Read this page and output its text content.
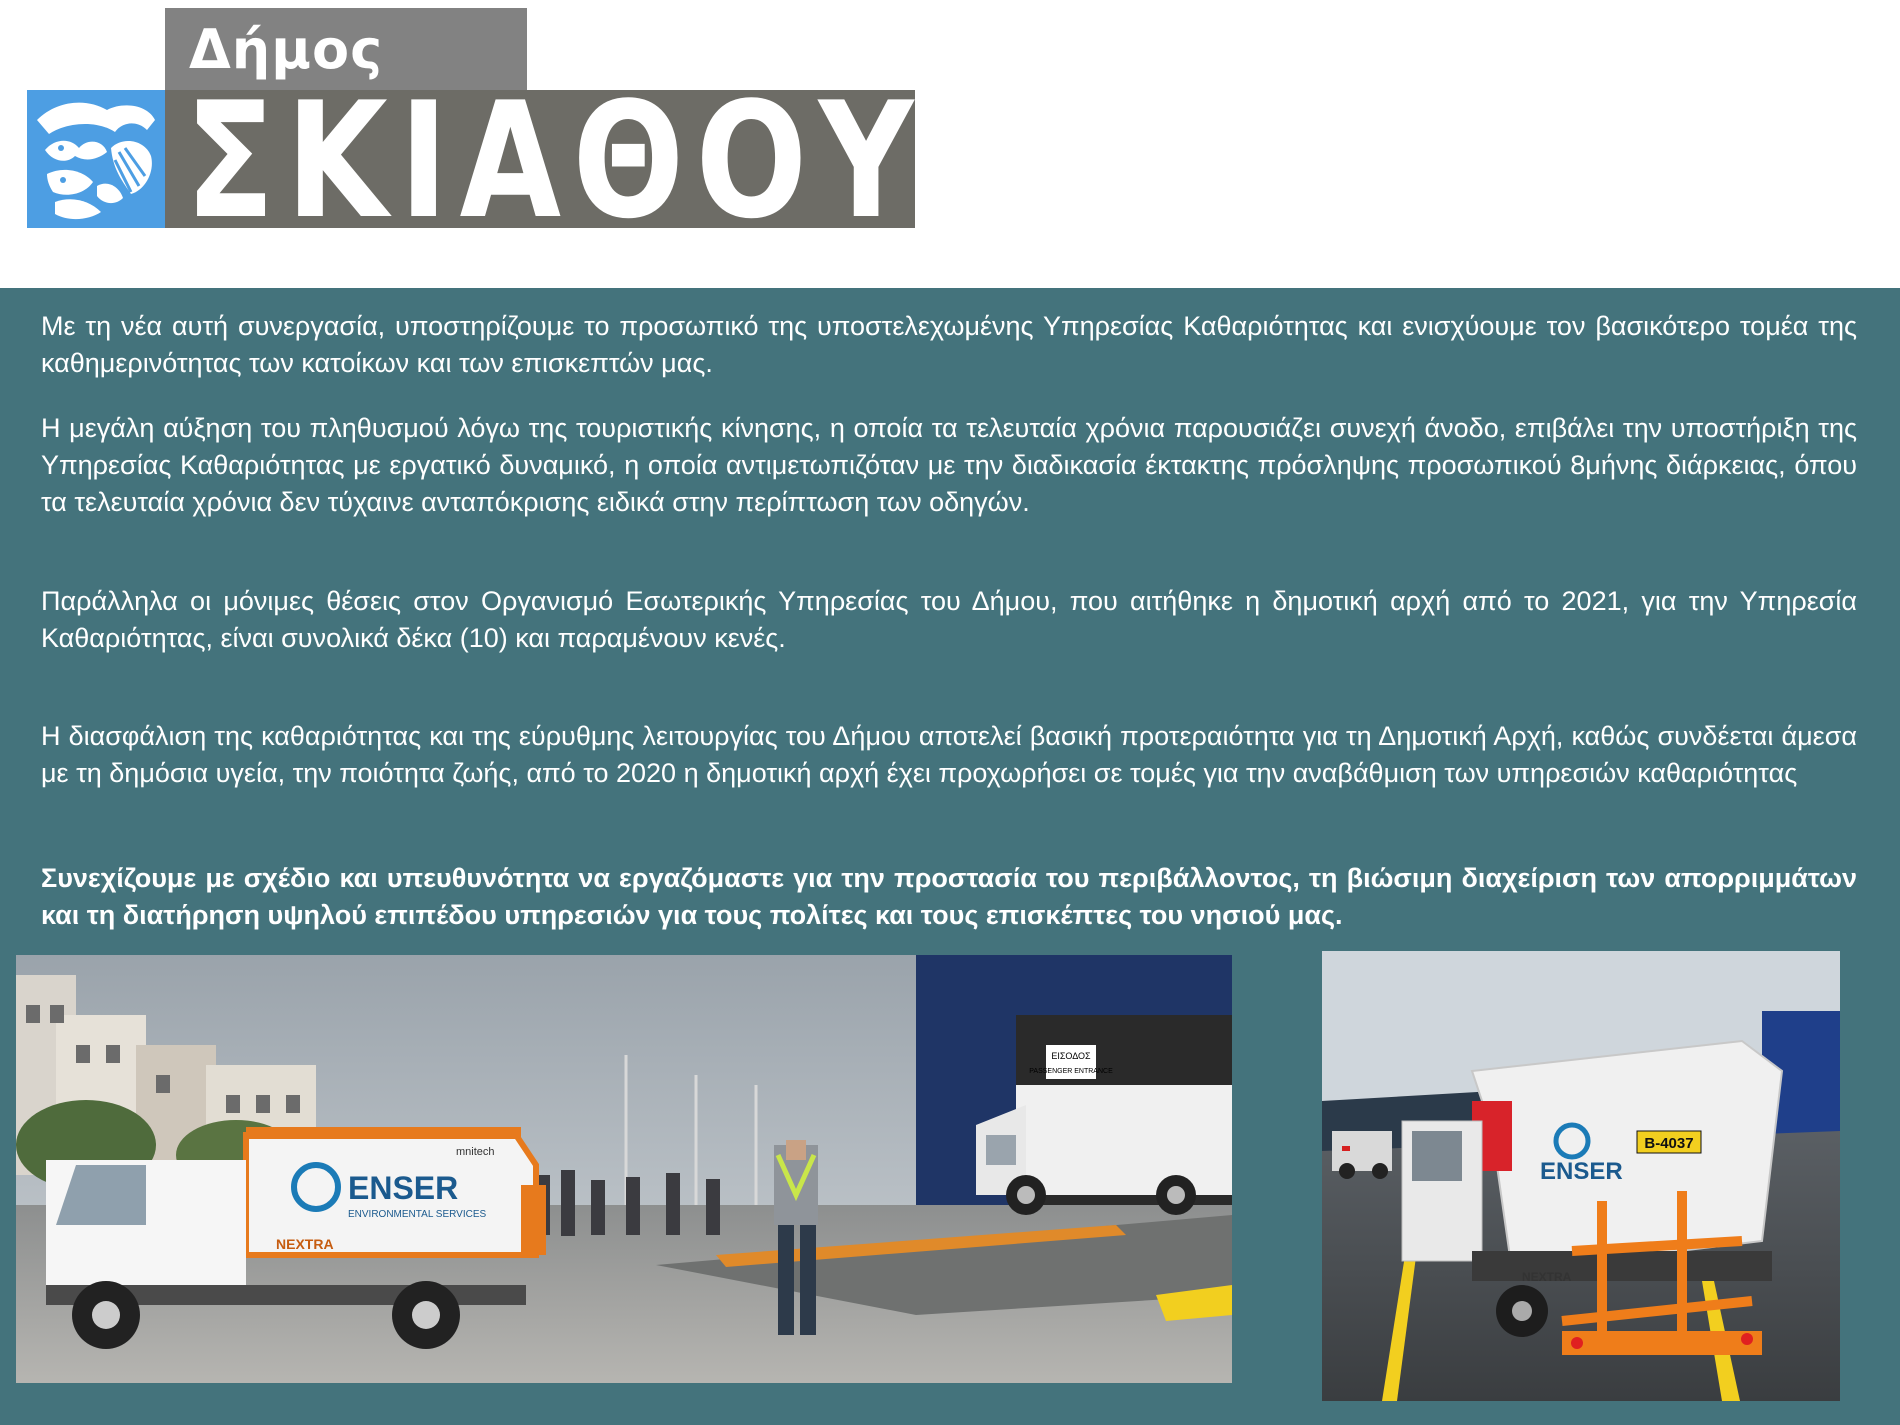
Δήμος
ΣΚΙΑΘΟΥ

Με τη νέα αυτή συνεργασία, υποστηρίζουμε το προσωπικό της υποστελεχωμένης Υπηρεσίας Καθαριότητας και ενισχύουμε τον βασικότερο τομέα της καθημερινότητας των κατοίκων και των επισκεπτών μας.

Η μεγάλη αύξηση του πληθυσμού λόγω της τουριστικής κίνησης, η οποία τα τελευταία χρόνια παρουσιάζει συνεχή άνοδο, επιβάλει την υποστήριξη της Υπηρεσίας Καθαριότητας με εργατικό δυναμικό, η οποία αντιμετωπιζόταν με την διαδικασία έκτακτης πρόσληψης προσωπικού 8μήνης διάρκειας, όπου τα τελευταία χρόνια δεν τύχαινε ανταπόκρισης ειδικά στην περίπτωση των οδηγών.

Παράλληλα οι μόνιμες θέσεις στον Οργανισμό Εσωτερικής Υπηρεσίας του Δήμου, που αιτήθηκε η δημοτική αρχή από το 2021, για την Υπηρεσία Καθαριότητας, είναι συνολικά δέκα (10) και παραμένουν κενές.

Η διασφάλιση της καθαριότητας και της εύρυθμης λειτουργίας του Δήμου αποτελεί βασική προτεραιότητα για τη Δημοτική Αρχή, καθώς συνδέεται άμεσα με τη δημόσια υγεία, την ποιότητα ζωής, από το 2020 η δημοτική αρχή έχει προχωρήσει σε τομές για την αναβάθμιση των υπηρεσιών καθαριότητας

Συνεχίζουμε με σχέδιο και υπευθυνότητα να εργαζόμαστε για την προστασία του περιβάλλοντος, τη βιώσιμη διαχείριση των απορριμμάτων και τη διατήρηση υψηλού επιπέδου υπηρεσιών για τους πολίτες και τους επισκέπτες του νησιού μας.

ΕΙΣΟΔΟΣ
PASSENGER ENTRANCE
ENSER
ENVIRONMENTAL SERVICES
mnitech
NEXTRA
ENSER
B-4037
NEXTRA
